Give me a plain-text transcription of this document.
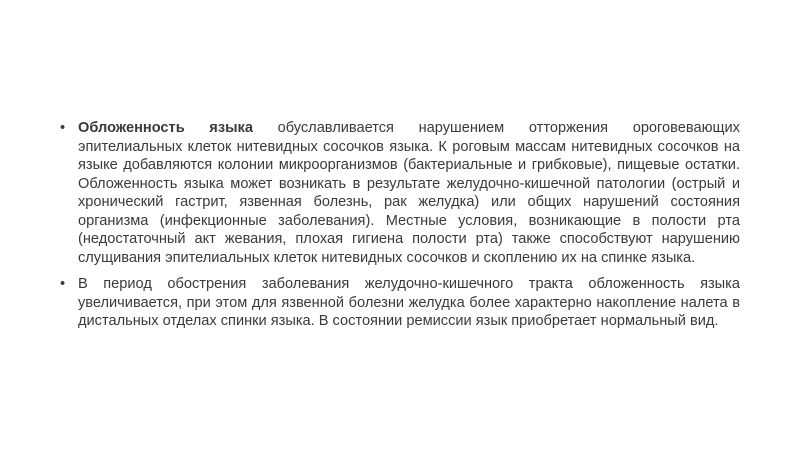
• Обложенность языка обуславливается нарушением отторжения ороговевающих эпителиальных клеток нитевидных сосочков языка. К роговым массам нитевидных сосочков на языке добавляются колонии микроорганизмов (бактериальные и грибковые), пищевые остатки. Обложенность языка может возникать в результате желудочно-кишечной патологии (острый и хронический гастрит, язвенная болезнь, рак желудка) или общих нарушений состояния организма (инфекционные заболевания). Местные условия, возникающие в полости рта (недостаточный акт жевания, плохая гигиена полости рта) также способствуют нарушению слущивания эпителиальных клеток нитевидных сосочков и скоплению их на спинке языка.
• В период обострения заболевания желудочно-кишечного тракта обложенность языка увеличивается, при этом для язвенной болезни желудка более характерно накопление налета в дистальных отделах спинки языка. В состоянии ремиссии язык приобретает нормальный вид.
